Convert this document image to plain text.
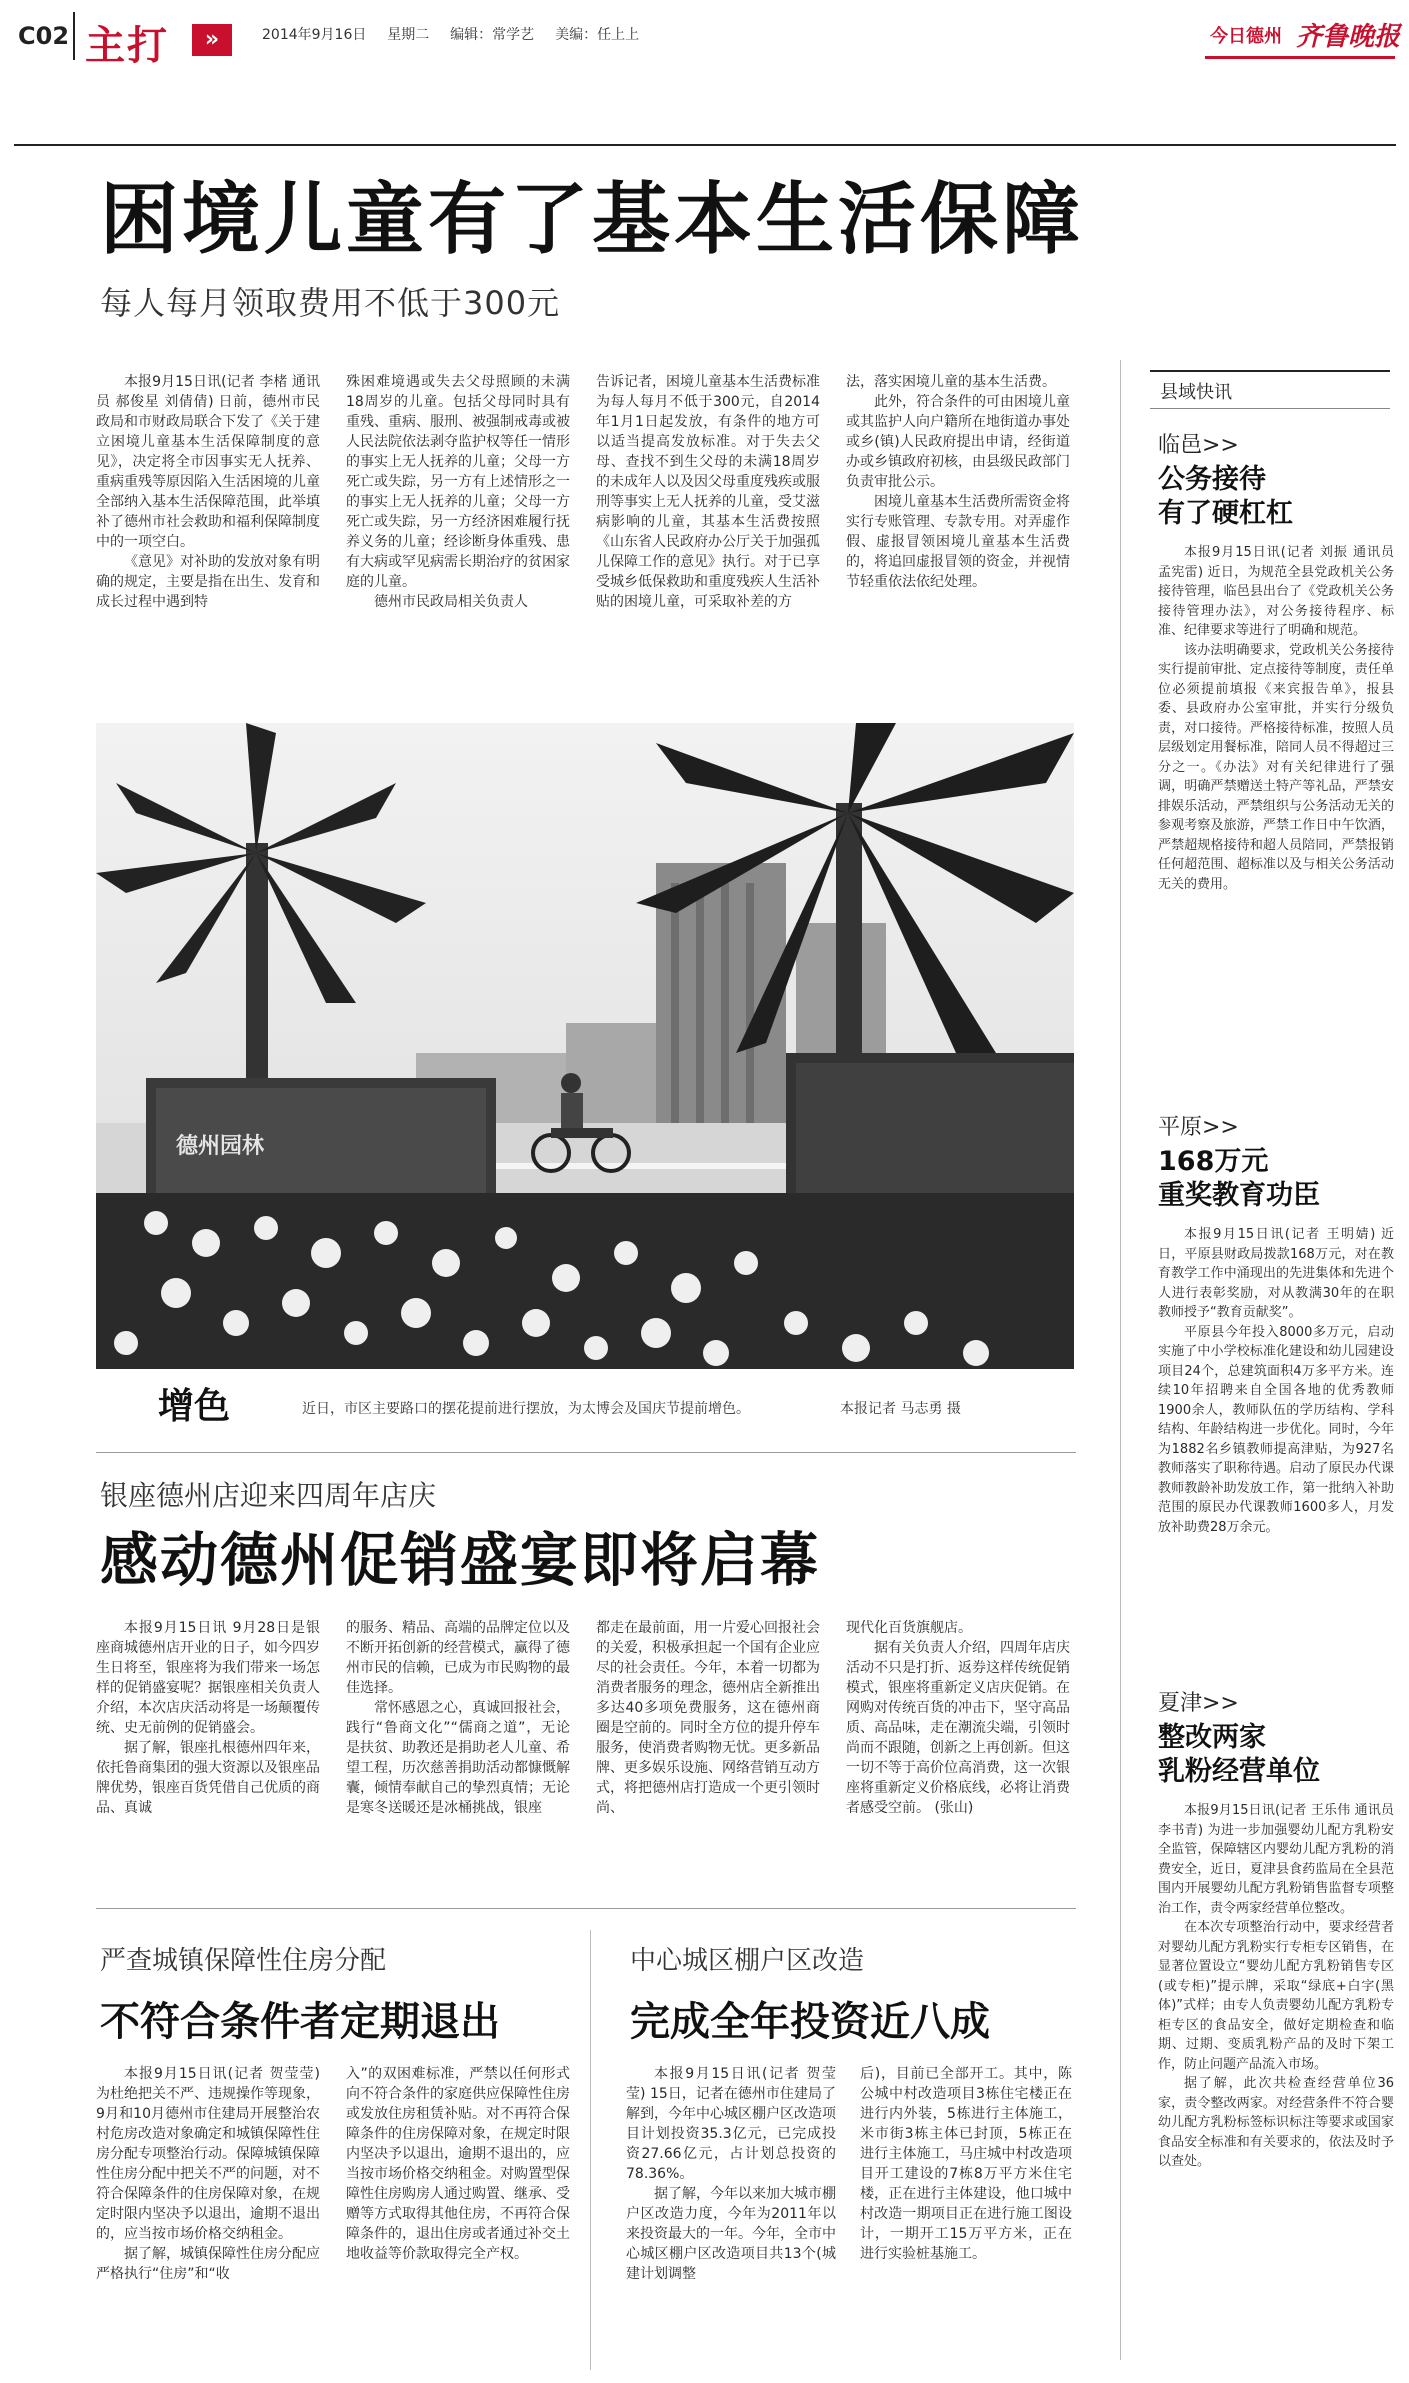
C02 主打	»	2014年9月16日 星期二 编辑：常学艺 美编：任上上	今日德州 齐鲁晚报
困境儿童有了基本生活保障
每人每月领取费用不低于300元

本报9月15日讯(记者 李楮 通讯员 郝俊星 刘倩倩) 日前，德州市民政局和市财政局联合下发了《关于建立困境儿童基本生活保障制度的意见》，决定将全市因事实无人抚养、重病重残等原因陷入生活困境的儿童全部纳入基本生活保障范围，此举填补了德州市社会救助和福利保障制度中的一项空白。

《意见》对补助的发放对象有明确的规定，主要是指在出生、发育和成长过程中遇到特

殊困难境遇或失去父母照顾的未满18周岁的儿童。包括父母同时具有重残、重病、服刑、被强制戒毒或被人民法院依法剥夺监护权等任一情形的事实上无人抚养的儿童；父母一方死亡或失踪，另一方有上述情形之一的事实上无人抚养的儿童；父母一方死亡或失踪，另一方经济困难履行抚养义务的儿童；经诊断身体重残、患有大病或罕见病需长期治疗的贫困家庭的儿童。

德州市民政局相关负责人

告诉记者，困境儿童基本生活费标准为每人每月不低于300元，自2014年1月1日起发放，有条件的地方可以适当提高发放标准。对于失去父母、查找不到生父母的未满18周岁的未成年人以及因父母重度残疾或服刑等事实上无人抚养的儿童，受艾滋病影响的儿童，其基本生活费按照《山东省人民政府办公厅关于加强孤儿保障工作的意见》执行。对于已享受城乡低保救助和重度残疾人生活补贴的困境儿童，可采取补差的方

法，落实困境儿童的基本生活费。

此外，符合条件的可由困境儿童或其监护人向户籍所在地街道办事处或乡(镇)人民政府提出申请，经街道办或乡镇政府初核，由县级民政部门负责审批公示。

困境儿童基本生活费所需资金将实行专账管理、专款专用。对弄虚作假、虚报冒领困境儿童基本生活费的，将追回虚报冒领的资金，并视情节轻重依法依纪处理。

德州园林
增色	近日，市区主要路口的摆花提前进行摆放，为太博会及国庆节提前增色。	本报记者 马志勇 摄
银座德州店迎来四周年店庆
感动德州促销盛宴即将启幕

本报9月15日讯 9月28日是银座商城德州店开业的日子，如今四岁生日将至，银座将为我们带来一场怎样的促销盛宴呢？据银座相关负责人介绍，本次店庆活动将是一场颠覆传统、史无前例的促销盛会。

据了解，银座扎根德州四年来，依托鲁商集团的强大资源以及银座品牌优势，银座百货凭借自己优质的商品、真诚

的服务、精品、高端的品牌定位以及不断开拓创新的经营模式，赢得了德州市民的信赖，已成为市民购物的最佳选择。

常怀感恩之心，真诚回报社会，践行“鲁商文化”“儒商之道”，无论是扶贫、助教还是捐助老人儿童、希望工程，历次慈善捐助活动都慷慨解囊，倾情奉献自己的挚烈真情；无论是寒冬送暖还是冰桶挑战，银座

都走在最前面，用一片爱心回报社会的关爱，积极承担起一个国有企业应尽的社会责任。今年，本着一切都为消费者服务的理念，德州店全新推出多达40多项免费服务，这在德州商圈是空前的。同时全方位的提升停车服务，使消费者购物无忧。更多新品牌、更多娱乐设施、网络营销互动方式，将把德州店打造成一个更引领时尚、

现代化百货旗舰店。

据有关负责人介绍，四周年店庆活动不只是打折、返券这样传统促销模式，银座将重新定义店庆促销。在网购对传统百货的冲击下，坚守高品质、高品味，走在潮流尖端，引领时尚而不跟随，创新之上再创新。但这一切不等于高价位高消费，这一次银座将重新定义价格底线，必将让消费者感受空前。 (张山)

严查城镇保障性住房分配
不符合条件者定期退出

本报9月15日讯(记者 贺莹莹) 为杜绝把关不严、违规操作等现象，9月和10月德州市住建局开展整治农村危房改造对象确定和城镇保障性住房分配专项整治行动。保障城镇保障性住房分配中把关不严的问题，对不符合保障条件的住房保障对象，在规定时限内坚决予以退出，逾期不退出的，应当按市场价格交纳租金。

据了解，城镇保障性住房分配应严格执行“住房”和“收

入”的双困难标准，严禁以任何形式向不符合条件的家庭供应保障性住房或发放住房租赁补贴。对不再符合保障条件的住房保障对象，在规定时限内坚决予以退出，逾期不退出的，应当按市场价格交纳租金。对购置型保障性住房购房人通过购置、继承、受赠等方式取得其他住房，不再符合保障条件的，退出住房或者通过补交土地收益等价款取得完全产权。

中心城区棚户区改造
完成全年投资近八成

本报9月15日讯(记者 贺莹莹) 15日，记者在德州市住建局了解到，今年中心城区棚户区改造项目计划投资35.3亿元，已完成投资27.66亿元，占计划总投资的78.36%。

据了解，今年以来加大城市棚户区改造力度，今年为2011年以来投资最大的一年。今年，全市中心城区棚户区改造项目共13个(城建计划调整

后)，目前已全部开工。其中，陈公城中村改造项目3栋住宅楼正在进行内外装，5栋进行主体施工，米市街3栋主体已封顶，5栋正在进行主体施工，马庄城中村改造项目开工建设的7栋8万平方米住宅楼，正在进行主体建设，他口城中村改造一期项目正在进行施工图设计，一期开工15万平方米，正在进行实验桩基施工。

县域快讯
临邑>>
公务接待
有了硬杠杠

本报9月15日讯(记者 刘振 通讯员 孟宪雷) 近日，为规范全县党政机关公务接待管理，临邑县出台了《党政机关公务接待管理办法》，对公务接待程序、标准、纪律要求等进行了明确和规范。

该办法明确要求，党政机关公务接待实行提前审批、定点接待等制度，责任单位必须提前填报《来宾报告单》，报县委、县政府办公室审批，并实行分级负责，对口接待。严格接待标准，按照人员层级划定用餐标准，陪同人员不得超过三分之一。《办法》对有关纪律进行了强调，明确严禁赠送土特产等礼品，严禁安排娱乐活动，严禁组织与公务活动无关的参观考察及旅游，严禁工作日中午饮酒，严禁超规格接待和超人员陪同，严禁报销任何超范围、超标准以及与相关公务活动无关的费用。

平原>>
168万元
重奖教育功臣

本报9月15日讯(记者 王明婧) 近日，平原县财政局拨款168万元，对在教育教学工作中涌现出的先进集体和先进个人进行表彰奖励，对从教满30年的在职教师授予“教育贡献奖”。

平原县今年投入8000多万元，启动实施了中小学校标准化建设和幼儿园建设项目24个，总建筑面积4万多平方米。连续10年招聘来自全国各地的优秀教师1900余人，教师队伍的学历结构、学科结构、年龄结构进一步优化。同时，今年为1882名乡镇教师提高津贴，为927名教师落实了职称待遇。启动了原民办代课教师教龄补助发放工作，第一批纳入补助范围的原民办代课教师1600多人，月发放补助费28万余元。

夏津>>
整改两家
乳粉经营单位

本报9月15日讯(记者 王乐伟 通讯员 李书青) 为进一步加强婴幼儿配方乳粉安全监管，保障辖区内婴幼儿配方乳粉的消费安全，近日，夏津县食药监局在全县范围内开展婴幼儿配方乳粉销售监督专项整治工作，责令两家经营单位整改。

在本次专项整治行动中，要求经营者对婴幼儿配方乳粉实行专柜专区销售，在显著位置设立“婴幼儿配方乳粉销售专区(或专柜)”提示牌，采取“绿底+白字(黑体)”式样；由专人负责婴幼儿配方乳粉专柜专区的食品安全，做好定期检查和临期、过期、变质乳粉产品的及时下架工作，防止问题产品流入市场。

据了解，此次共检查经营单位36家，责令整改两家。对经营条件不符合婴幼儿配方乳粉标签标识标注等要求或国家食品安全标准和有关要求的，依法及时予以查处。
